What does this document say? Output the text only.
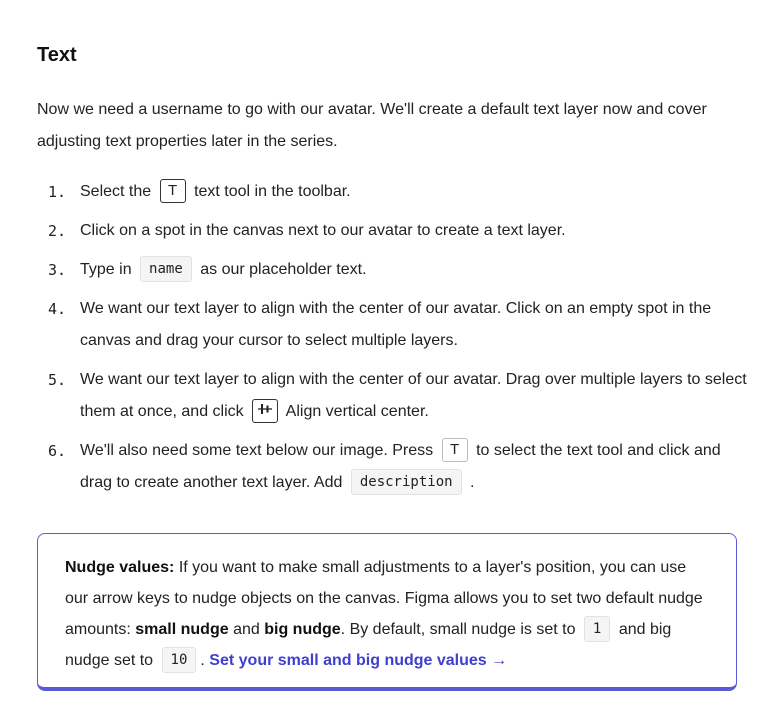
Text

Now we need a username to go with our avatar. We'll create a default text layer now and cover adjusting text properties later in the series.

1. Select the T text tool in the toolbar.
2. Click on a spot in the canvas next to our avatar to create a text layer.
3. Type in name as our placeholder text.
4. We want our text layer to align with the center of our avatar. Click on an empty spot in the canvas and drag your cursor to select multiple layers.
5. We want our text layer to align with the center of our avatar. Drag over multiple layers to select them at once, and click	Align vertical center.
6. We'll also need some text below our image. Press T to select the text tool and click and drag to create another text layer. Add description .
Nudge values: If you want to make small adjustments to a layer's position, you can use our arrow keys to nudge objects on the canvas. Figma allows you to set two default nudge amounts: small nudge and big nudge. By default, small nudge is set to 1 and big nudge set to 10 . Set your small and big nudge values →
